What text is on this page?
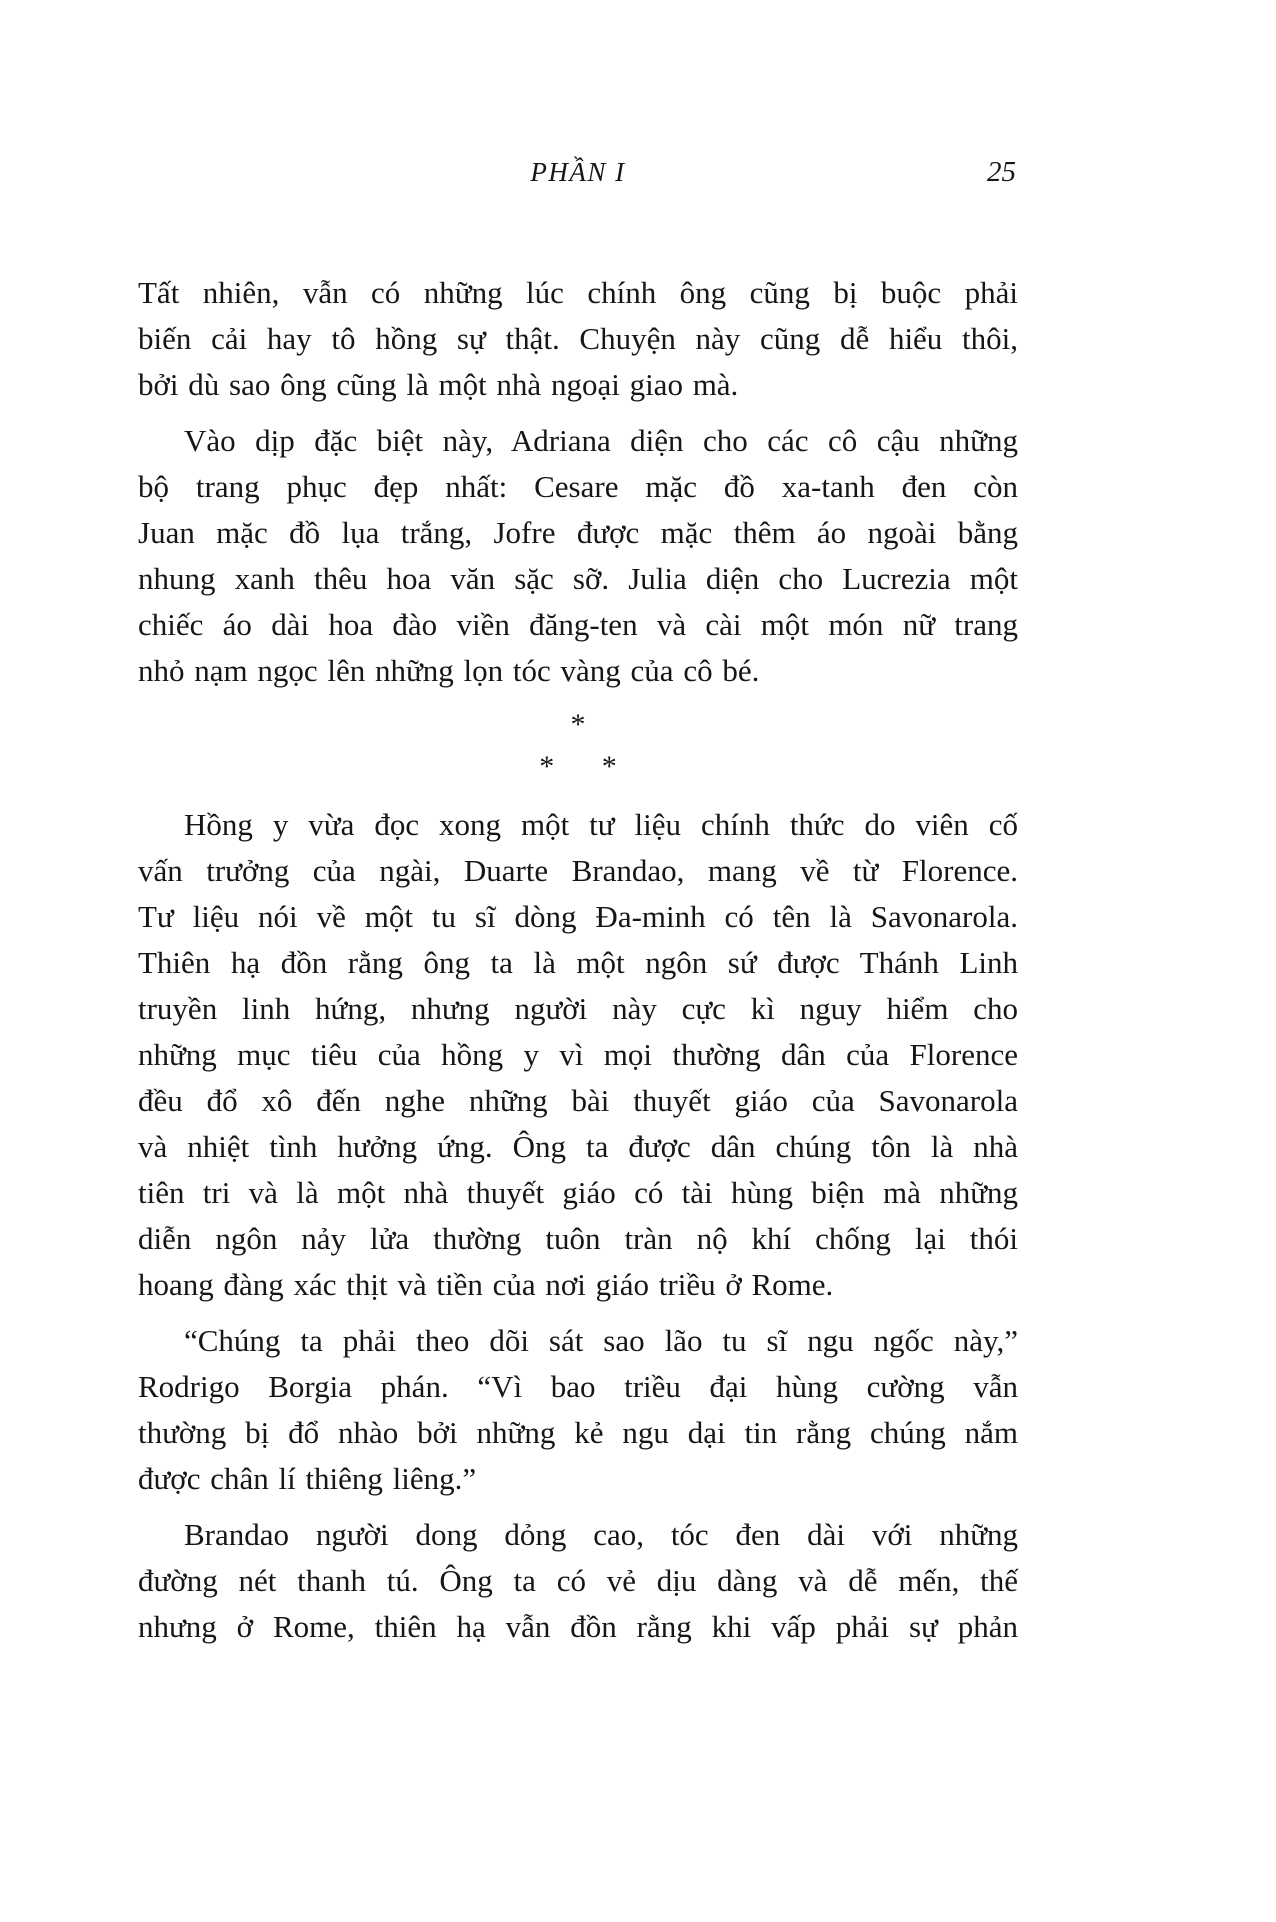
PHẦN I	25
Tất nhiên, vẫn có những lúc chính ông cũng bị buộc phải
biến cải hay tô hồng sự thật. Chuyện này cũng dễ hiểu thôi,
bởi dù sao ông cũng là một nhà ngoại giao mà.
Vào dịp đặc biệt này, Adriana diện cho các cô cậu những
bộ trang phục đẹp nhất: Cesare mặc đồ xa-tanh đen còn
Juan mặc đồ lụa trắng, Jofre được mặc thêm áo ngoài bằng
nhung xanh thêu hoa văn sặc sỡ. Julia diện cho Lucrezia một
chiếc áo dài hoa đào viền đăng-ten và cài một món nữ trang
nhỏ nạm ngọc lên những lọn tóc vàng của cô bé.
*
* *
Hồng y vừa đọc xong một tư liệu chính thức do viên cố
vấn trưởng của ngài, Duarte Brandao, mang về từ Florence.
Tư liệu nói về một tu sĩ dòng Đa-minh có tên là Savonarola.
Thiên hạ đồn rằng ông ta là một ngôn sứ được Thánh Linh
truyền linh hứng, nhưng người này cực kì nguy hiểm cho
những mục tiêu của hồng y vì mọi thường dân của Florence
đều đổ xô đến nghe những bài thuyết giáo của Savonarola
và nhiệt tình hưởng ứng. Ông ta được dân chúng tôn là nhà
tiên tri và là một nhà thuyết giáo có tài hùng biện mà những
diễn ngôn nảy lửa thường tuôn tràn nộ khí chống lại thói
hoang đàng xác thịt và tiền của nơi giáo triều ở Rome.
“Chúng ta phải theo dõi sát sao lão tu sĩ ngu ngốc này,”
Rodrigo Borgia phán. “Vì bao triều đại hùng cường vẫn
thường bị đổ nhào bởi những kẻ ngu dại tin rằng chúng nắm
được chân lí thiêng liêng.”
Brandao người dong dỏng cao, tóc đen dài với những
đường nét thanh tú. Ông ta có vẻ dịu dàng và dễ mến, thế
nhưng ở Rome, thiên hạ vẫn đồn rằng khi vấp phải sự phản
